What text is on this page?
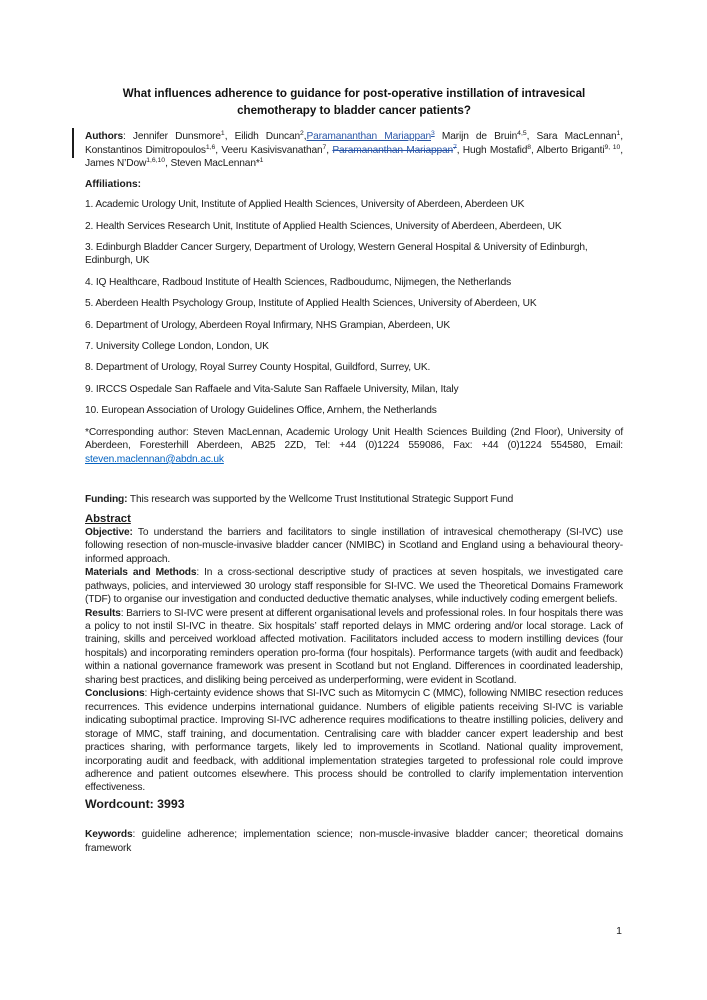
What influences adherence to guidance for post-operative instillation of intravesical chemotherapy to bladder cancer patients?

Authors: Jennifer Dunsmore$^1$, Eilidh Duncan$^2$,Paramananthan Mariappan$^3$ Marijn de Bruin$^{4,5}$, Sara MacLennan$^1$, Konstantinos Dimitropoulos$^{1,6}$, Veeru Kasivisvanathan$^7$, Paramananthan Mariappan$^7$, Hugh Mostafid$^8$, Alberto Briganti$^{9, 10}$, James N’Dow$^{1,6,10}$, Steven MacLennan*$^1$

Affiliations:

1. Academic Urology Unit, Institute of Applied Health Sciences, University of Aberdeen, Aberdeen UK

2. Health Services Research Unit, Institute of Applied Health Sciences, University of Aberdeen, Aberdeen, UK

3. Edinburgh Bladder Cancer Surgery, Department of Urology, Western General Hospital & University of Edinburgh, Edinburgh, UK

4. IQ Healthcare, Radboud Institute of Health Sciences, Radboudumc, Nijmegen, the Netherlands

5. Aberdeen Health Psychology Group, Institute of Applied Health Sciences, University of Aberdeen, UK

6. Department of Urology, Aberdeen Royal Infirmary, NHS Grampian, Aberdeen, UK

7. University College London, London, UK

8. Department of Urology, Royal Surrey County Hospital, Guildford, Surrey, UK.

9. IRCCS Ospedale San Raffaele and Vita-Salute San Raffaele University, Milan, Italy

10. European Association of Urology Guidelines Office, Arnhem, the Netherlands

*Corresponding author: Steven MacLennan, Academic Urology Unit Health Sciences Building (2nd Floor), University of Aberdeen, Foresterhill Aberdeen, AB25 2ZD, Tel: +44 (0)1224 559086, Fax: +44 (0)1224 554580, Email: steven.maclennan@abdn.ac.uk

Funding: This research was supported by the Wellcome Trust Institutional Strategic Support Fund

Abstract

Objective: To understand the barriers and facilitators to single instillation of intravesical chemotherapy (SI-IVC) use following resection of non-muscle-invasive bladder cancer (NMIBC) in Scotland and England using a behavioural theory-informed approach.

Materials and Methods: In a cross-sectional descriptive study of practices at seven hospitals, we investigated care pathways, policies, and interviewed 30 urology staff responsible for SI-IVC. We used the Theoretical Domains Framework (TDF) to organise our investigation and conducted deductive thematic analyses, while inductively coding emergent beliefs.

Results: Barriers to SI-IVC were present at different organisational levels and professional roles. In four hospitals there was a policy to not instil SI-IVC in theatre. Six hospitals’ staff reported delays in MMC ordering and/or local storage. Lack of training, skills and perceived workload affected motivation. Facilitators included access to modern instilling devices (four hospitals) and incorporating reminders operation pro-forma (four hospitals). Performance targets (with audit and feedback) within a national governance framework was present in Scotland but not England. Differences in coordinated leadership, sharing best practices, and disliking being perceived as underperforming, were evident in Scotland.

Conclusions: High-certainty evidence shows that SI-IVC such as Mitomycin C (MMC), following NMIBC resection reduces recurrences. This evidence underpins international guidance. Numbers of eligible patients receiving SI-IVC is variable indicating suboptimal practice. Improving SI-IVC adherence requires modifications to theatre instilling policies, delivery and storage of MMC, staff training, and documentation. Centralising care with bladder cancer expert leadership and best practices sharing, with performance targets, likely led to improvements in Scotland. National quality improvement, incorporating audit and feedback, with additional implementation strategies targeted to professional role could improve adherence and patient outcomes elsewhere. This process should be controlled to clarify implementation intervention effectiveness.

Wordcount: 3993

Keywords: guideline adherence; implementation science; non-muscle-invasive bladder cancer; theoretical domains framework

1
